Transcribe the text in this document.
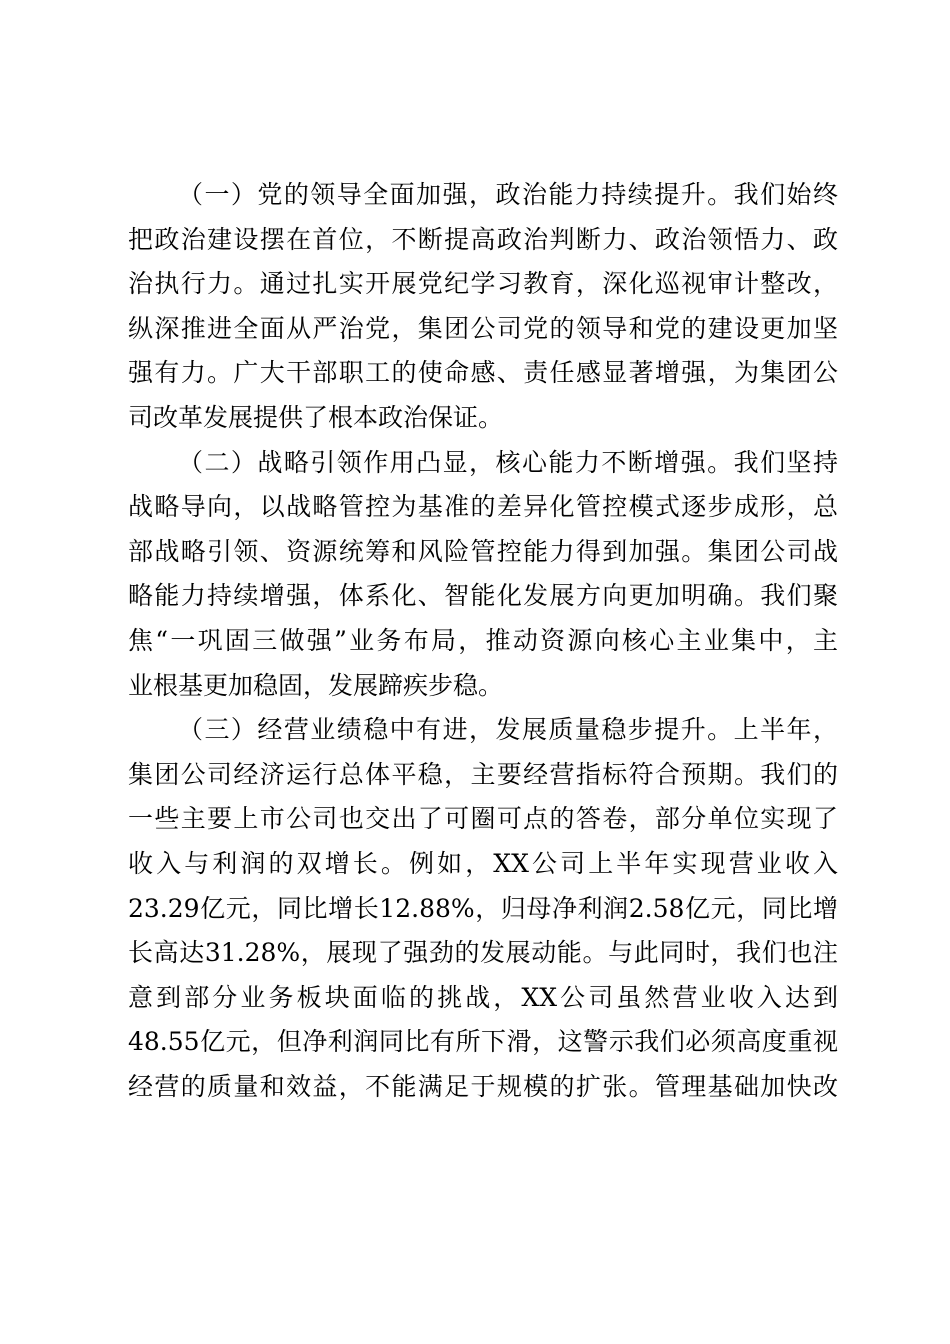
（一）党的领导全面加强，政治能力持续提升。我们始终
把政治建设摆在首位，不断提高政治判断力、政治领悟力、政
治执行力。通过扎实开展党纪学习教育，深化巡视审计整改，
纵深推进全面从严治党，集团公司党的领导和党的建设更加坚
强有力。广大干部职工的使命感、责任感显著增强，为集团公
司改革发展提供了根本政治保证。
（二）战略引领作用凸显，核心能力不断增强。我们坚持
战略导向，以战略管控为基准的差异化管控模式逐步成形，总
部战略引领、资源统筹和风险管控能力得到加强。集团公司战
略能力持续增强，体系化、智能化发展方向更加明确。我们聚
焦“一巩固三做强”业务布局，推动资源向核心主业集中，主
业根基更加稳固，发展蹄疾步稳。
（三）经营业绩稳中有进，发展质量稳步提升。上半年，
集团公司经济运行总体平稳，主要经营指标符合预期。我们的
一些主要上市公司也交出了可圈可点的答卷，部分单位实现了
收入与利润的双增长。例如，XX公司上半年实现营业收入
23.29亿元，同比增长12.88%，归母净利润2.58亿元，同比增
长高达31.28%，展现了强劲的发展动能。与此同时，我们也注
意到部分业务板块面临的挑战，XX公司虽然营业收入达到
48.55亿元，但净利润同比有所下滑，这警示我们必须高度重视
经营的质量和效益，不能满足于规模的扩张。管理基础加快改
